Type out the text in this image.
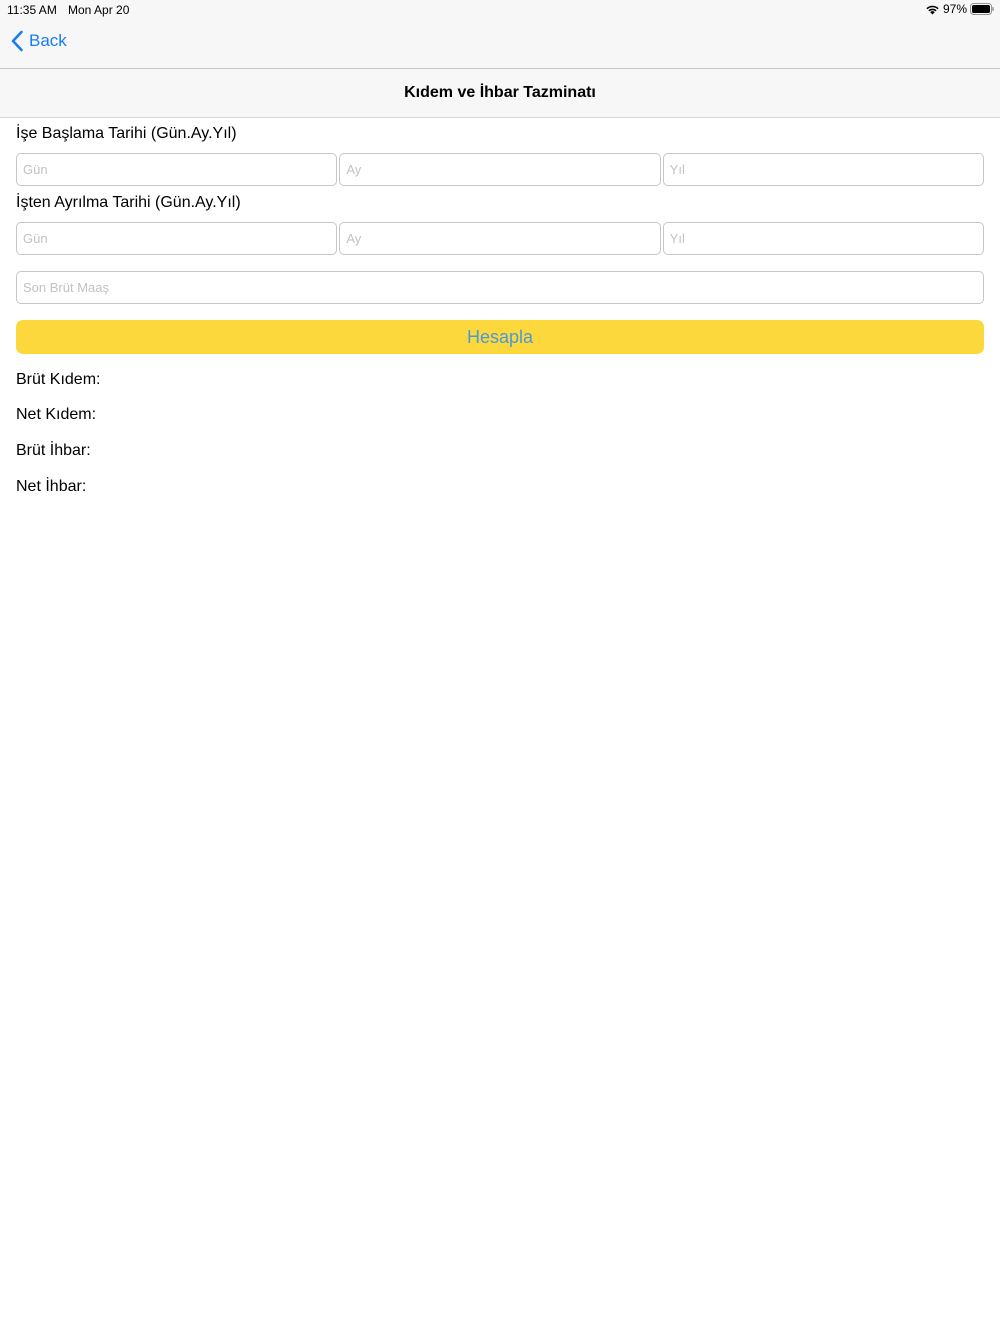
11:35 AM Mon Apr 20	97%
Back
Kıdem ve İhbar Tazminatı
İşe Başlama Tarihi (Gün.Ay.Yıl)
Gün
Ay
Yıl
İşten Ayrılma Tarihi (Gün.Ay.Yıl)
Gün
Ay
Yıl
Son Brüt Maaş
Hesapla
Brüt Kıdem:
Net Kıdem:
Brüt İhbar:
Net İhbar:
